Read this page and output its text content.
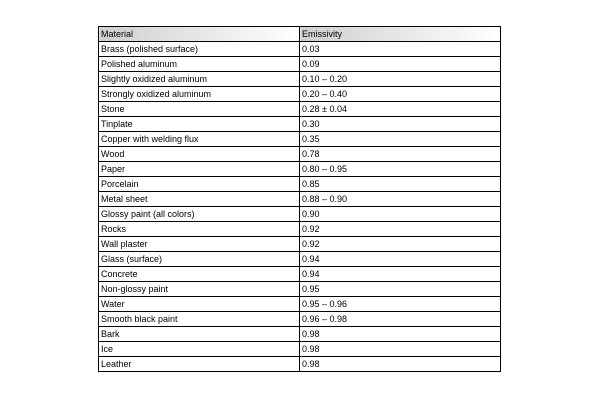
Material	Emissivity
Brass (polished surface)	0.03
Polished aluminum	0.09
Slightly oxidized aluminum	0.10 – 0.20
Strongly oxidized aluminum	0.20 – 0.40
Stone	0.28 ± 0.04
Tinplate	0.30
Copper with welding flux	0.35
Wood	0.78
Paper	0.80 – 0.95
Porcelain	0.85
Metal sheet	0.88 – 0.90
Glossy paint (all colors)	0.90
Rocks	0.92
Wall plaster	0.92
Glass (surface)	0.94
Concrete	0.94
Non-glossy paint	0.95
Water	0.95 – 0.96
Smooth black paint	0.96 – 0.98
Bark	0.98
Ice	0.98
Leather	0.98
